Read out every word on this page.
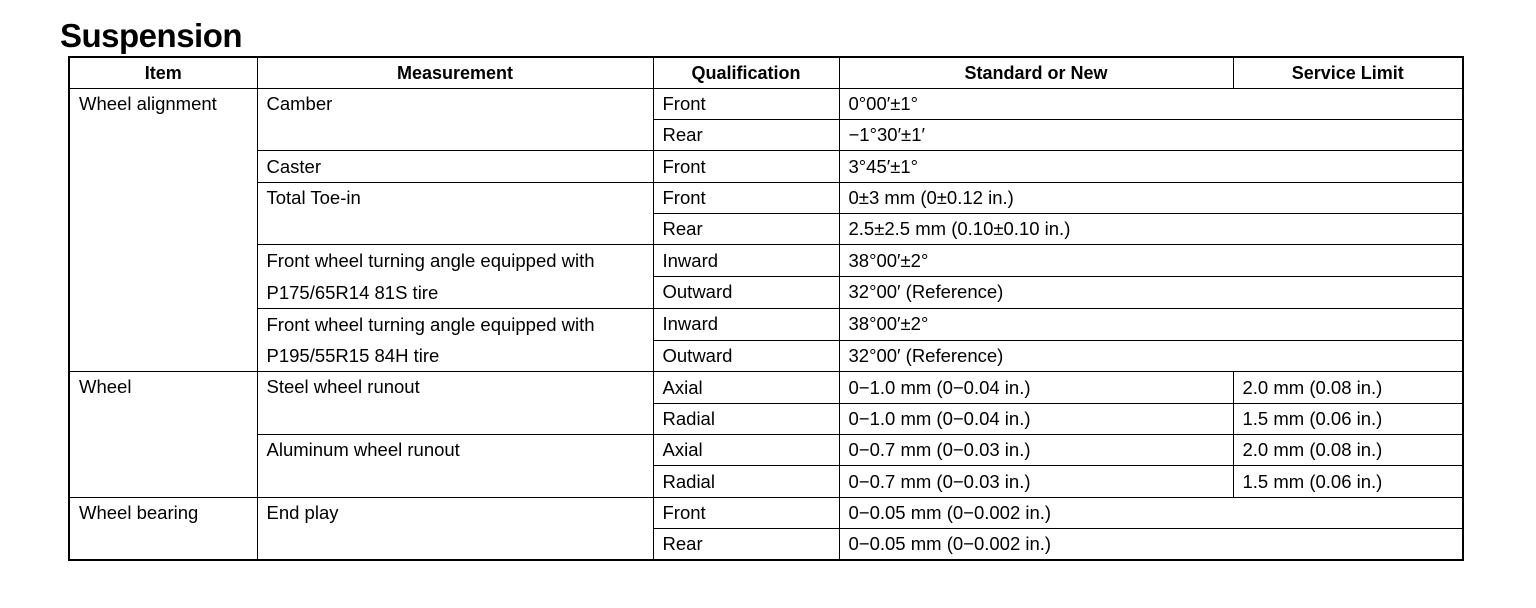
Suspension
Item	Measurement	Qualification	Standard or New	Service Limit
Wheel alignment	Camber	Front	0°00′±1°	
		Rear	−1°30′±1′	
	Caster	Front	3°45′±1°	
	Total Toe-in	Front	0±3 mm (0±0.12 in.)	
		Rear	2.5±2.5 mm (0.10±0.10 in.)	
	Front wheel turning angle equipped with P175/65R14 81S tire	Inward	38°00′±2°	
		Outward	32°00′ (Reference)	
	Front wheel turning angle equipped with P195/55R15 84H tire	Inward	38°00′±2°	
		Outward	32°00′ (Reference)	
Wheel	Steel wheel runout	Axial	0−1.0 mm (0−0.04 in.)	2.0 mm (0.08 in.)
		Radial	0−1.0 mm (0−0.04 in.)	1.5 mm (0.06 in.)
	Aluminum wheel runout	Axial	0−0.7 mm (0−0.03 in.)	2.0 mm (0.08 in.)
		Radial	0−0.7 mm (0−0.03 in.)	1.5 mm (0.06 in.)
Wheel bearing	End play	Front	0−0.05 mm (0−0.002 in.)	
		Rear	0−0.05 mm (0−0.002 in.)	
